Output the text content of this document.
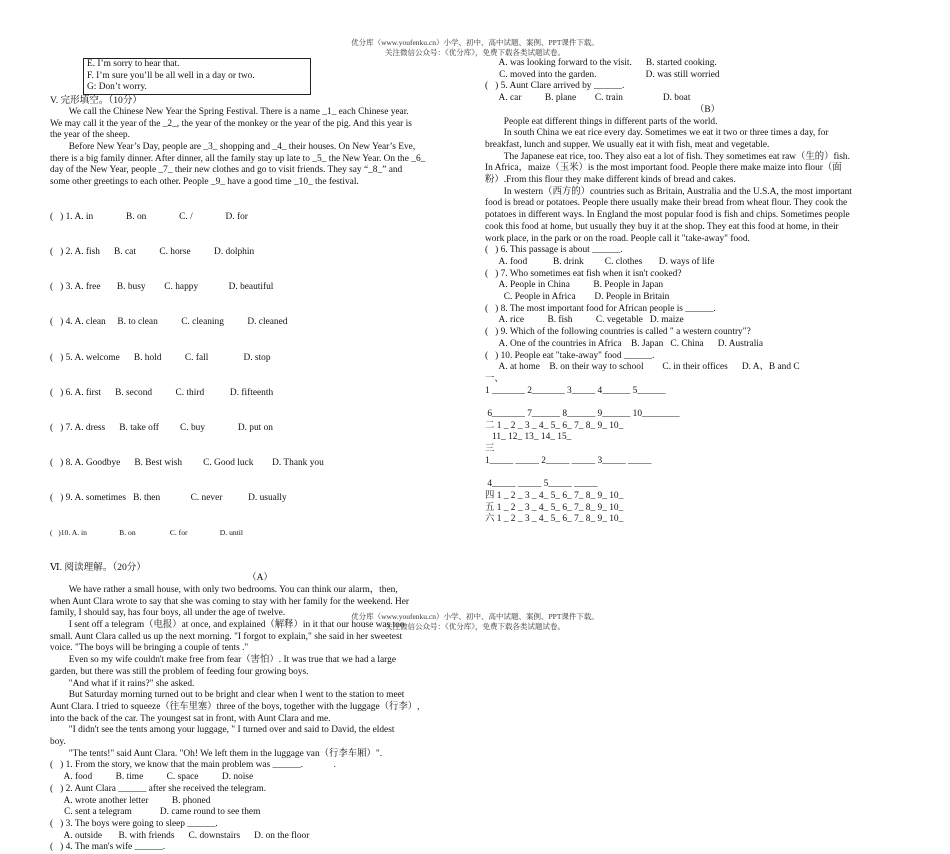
优分库（www.youfenku.cn）小学、初中、高中试题、案例、PPT课件下载。
关注微信公众号：《优分库》，免费下载各类试题试卷。
E. I’m sorry to hear that.
F. I’m sure you’ll be all well in a day or two.
G: Don’t worry.
V. 完形填空。（10分）
We call the Chinese New Year the Spring Festival. There is a name _1_ each Chinese year.
We may call it the year of the _2_, the year of the monkey or the year of the pig. And this year is
the year of the sheep.
Before New Year’s Day, people are _3_ shopping and _4_ their houses. On New Year’s Eve,
there is a big family dinner. After dinner, all the family stay up late to _5_ the New Year. On the _6_
day of the New Year, people _7_ their new clothes and go to visit friends. They say “_8_” and
some other greetings to each other. People _9_ have a good time _10_ the festival.

(   ) 1. A. in              B. on              C. /              D. for

(   ) 2. A. fish      B. cat          C. horse          D. dolphin

(   ) 3. A. free       B. busy        C. happy             D. beautiful

(   ) 4. A. clean     B. to clean          C. cleaning          D. cleaned

(   ) 5. A. welcome      B. hold          C. fall               D. stop

(   ) 6. A. first      B. second          C. third           D. fifteenth

(   ) 7. A. dress      B. take off         C. buy              D. put on

(   ) 8. A. Goodbye      B. Best wish         C. Good luck        D. Thank you

(   ) 9. A. sometimes   B. then             C. never           D. usually

(   )10. A. in                 B. on                  C. for                 D. until

Ⅵ. 阅读理解。（20分）
（A）
We have rather a small house, with only two bedrooms. You can think our alarm，then,
when Aunt Clara wrote to say that she was coming to stay with her family for the weekend. Her
family, I should say, has four boys, all under the age of twelve.
I sent off a telegram（电报）at once, and explained（解释）in it that our house was too
small. Aunt Clara called us up the next morning. "I forgot to explain," she said in her sweetest
voice. "The boys will be bringing a couple of tents ."
Even so my wife couldn't make free from fear（害怕）. It was true that we had a large
garden, but there was still the problem of feeding four growing boys.
"And what if it rains?" she asked.
But Saturday morning turned out to be bright and clear when I went to the station to meet
Aunt Clara. I tried to squeeze（往车里塞）three of the boys, together with the luggage（行李）,
into the back of the car. The youngest sat in front, with Aunt Clara and me.
"I didn't see the tents among your luggage, " I turned over and said to David, the eldest
boy.
"The tents!" said Aunt Clara. "Oh! We left them in the luggage van（行李车厢）".
(   ) 1. From the story, we know that the main problem was ______.             .
A. food          B. time          C. space          D. noise
(   ) 2. Aunt Clara ______ after she received the telegram.
A. wrote another letter          B. phoned
C. sent a telegram            D. came round to see them
(   ) 3. The boys were going to sleep ______.
A. outside       B. with friends      C. downstairs      D. on the floor
(   ) 4. The man's wife ______.
A. was looking forward to the visit.      B. started cooking.
C. moved into the garden.                     D. was still worried
(   ) 5. Aunt Clare arrived by ______.
A. car          B. plane        C. train                 D. boat
（B）
People eat different things in different parts of the world.
In south China we eat rice every day. Sometimes we eat it two or three times a day, for
breakfast, lunch and supper. We usually eat it with fish, meat and vegetable.
The Japanese eat rice, too. They also eat a lot of fish. They sometimes eat raw（生的）fish.
In Africa，maize（玉米）is the most important food. People there make maize into flour（面
粉）.From this flour they make different kinds of bread and cakes.
In western（西方的）countries such as Britain, Australia and the U.S.A, the most important
food is bread or potatoes. People there usually make their bread from wheat flour. They cook the
potatoes in different ways. In England the most popular food is fish and chips. Sometimes people
cook this food at home, but usually they buy it at the shop. They eat this food at home, in their
work place, in the park or on the road. People call it "take-away" food.
(   ) 6. This passage is about ______.
A. food           B. drink         C. clothes       D. ways of life
(   ) 7. Who sometimes eat fish when it isn't cooked?
A. People in China          B. People in Japan
C. People in Africa        D. People in Britain
(   ) 8. The most important food for African people is ______.
A. rice          B. fish          C. vegetable   D. maize
(   ) 9. Which of the following countries is called " a western country"?
A. One of the countries in Africa    B. Japan   C. China      D. Australia
(   ) 10. People eat "take-away" food ______.
A. at home    B. on their way to school        C. in their offices      D. A、B and C
一、
1 _______ 2_______ 3_____ 4______ 5______
6_______ 7______ 8______ 9______ 10________
二 1 _ 2 _ 3 _ 4_ 5_ 6_ 7_ 8_ 9_ 10_
11_ 12_ 13_ 14_ 15_
三
1_____ _____ 2_____ _____ 3_____ _____
4_____ _____ 5_____ _____
四 1 _ 2 _ 3 _ 4_ 5_ 6_ 7_ 8_ 9_ 10_
五 1 _ 2 _ 3 _ 4_ 5_ 6_ 7_ 8_ 9_ 10_
六 1 _ 2 _ 3 _ 4_ 5_ 6_ 7_ 8_ 9_ 10_
优分库（www.youfenku.cn）小学、初中、高中试题、案例、PPT课件下载。
关注微信公众号：《优分库》，免费下载各类试题试卷。
